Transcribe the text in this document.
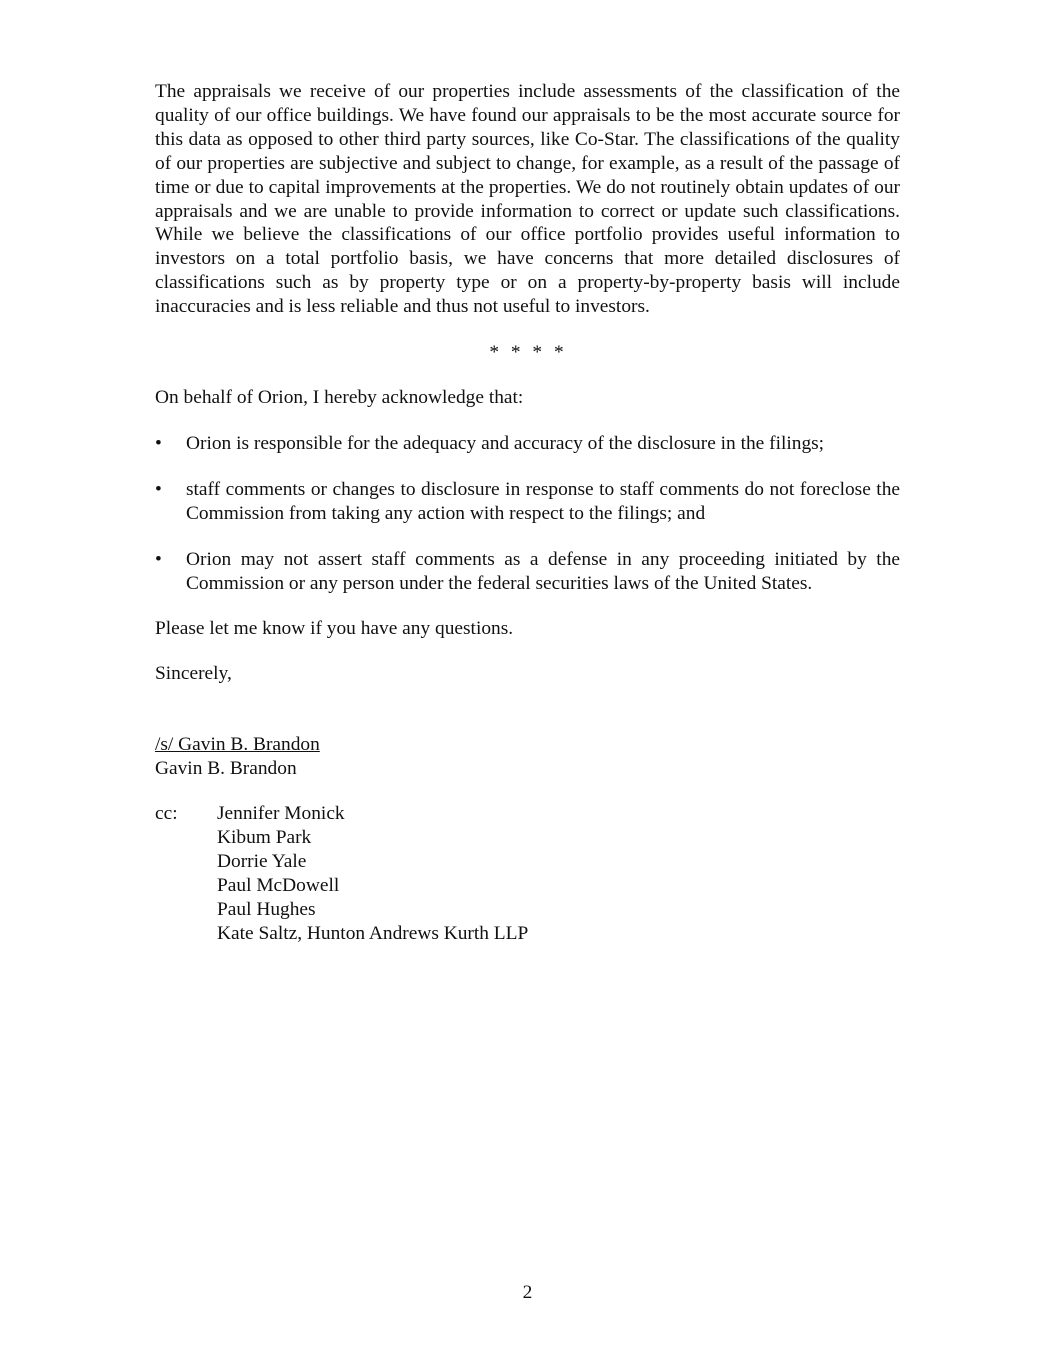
The appraisals we receive of our properties include assessments of the classification of the quality of our office buildings. We have found our appraisals to be the most accurate source for this data as opposed to other third party sources, like Co-Star. The classifications of the quality of our properties are subjective and subject to change, for example, as a result of the passage of time or due to capital improvements at the properties. We do not routinely obtain updates of our appraisals and we are unable to provide information to correct or update such classifications. While we believe the classifications of our office portfolio provides useful information to investors on a total portfolio basis, we have concerns that more detailed disclosures of classifications such as by property type or on a property-by-property basis will include inaccuracies and is less reliable and thus not useful to investors.

* * * *

On behalf of Orion, I hereby acknowledge that:

• Orion is responsible for the adequacy and accuracy of the disclosure in the filings;
• staff comments or changes to disclosure in response to staff comments do not foreclose the Commission from taking any action with respect to the filings; and
• Orion may not assert staff comments as a defense in any proceeding initiated by the Commission or any person under the federal securities laws of the United States.

Please let me know if you have any questions.

Sincerely,

/s/ Gavin B. Brandon
Gavin B. Brandon
cc:	Jennifer Monick
Kibum Park
Dorrie Yale
Paul McDowell
Paul Hughes
Kate Saltz, Hunton Andrews Kurth LLP
2
